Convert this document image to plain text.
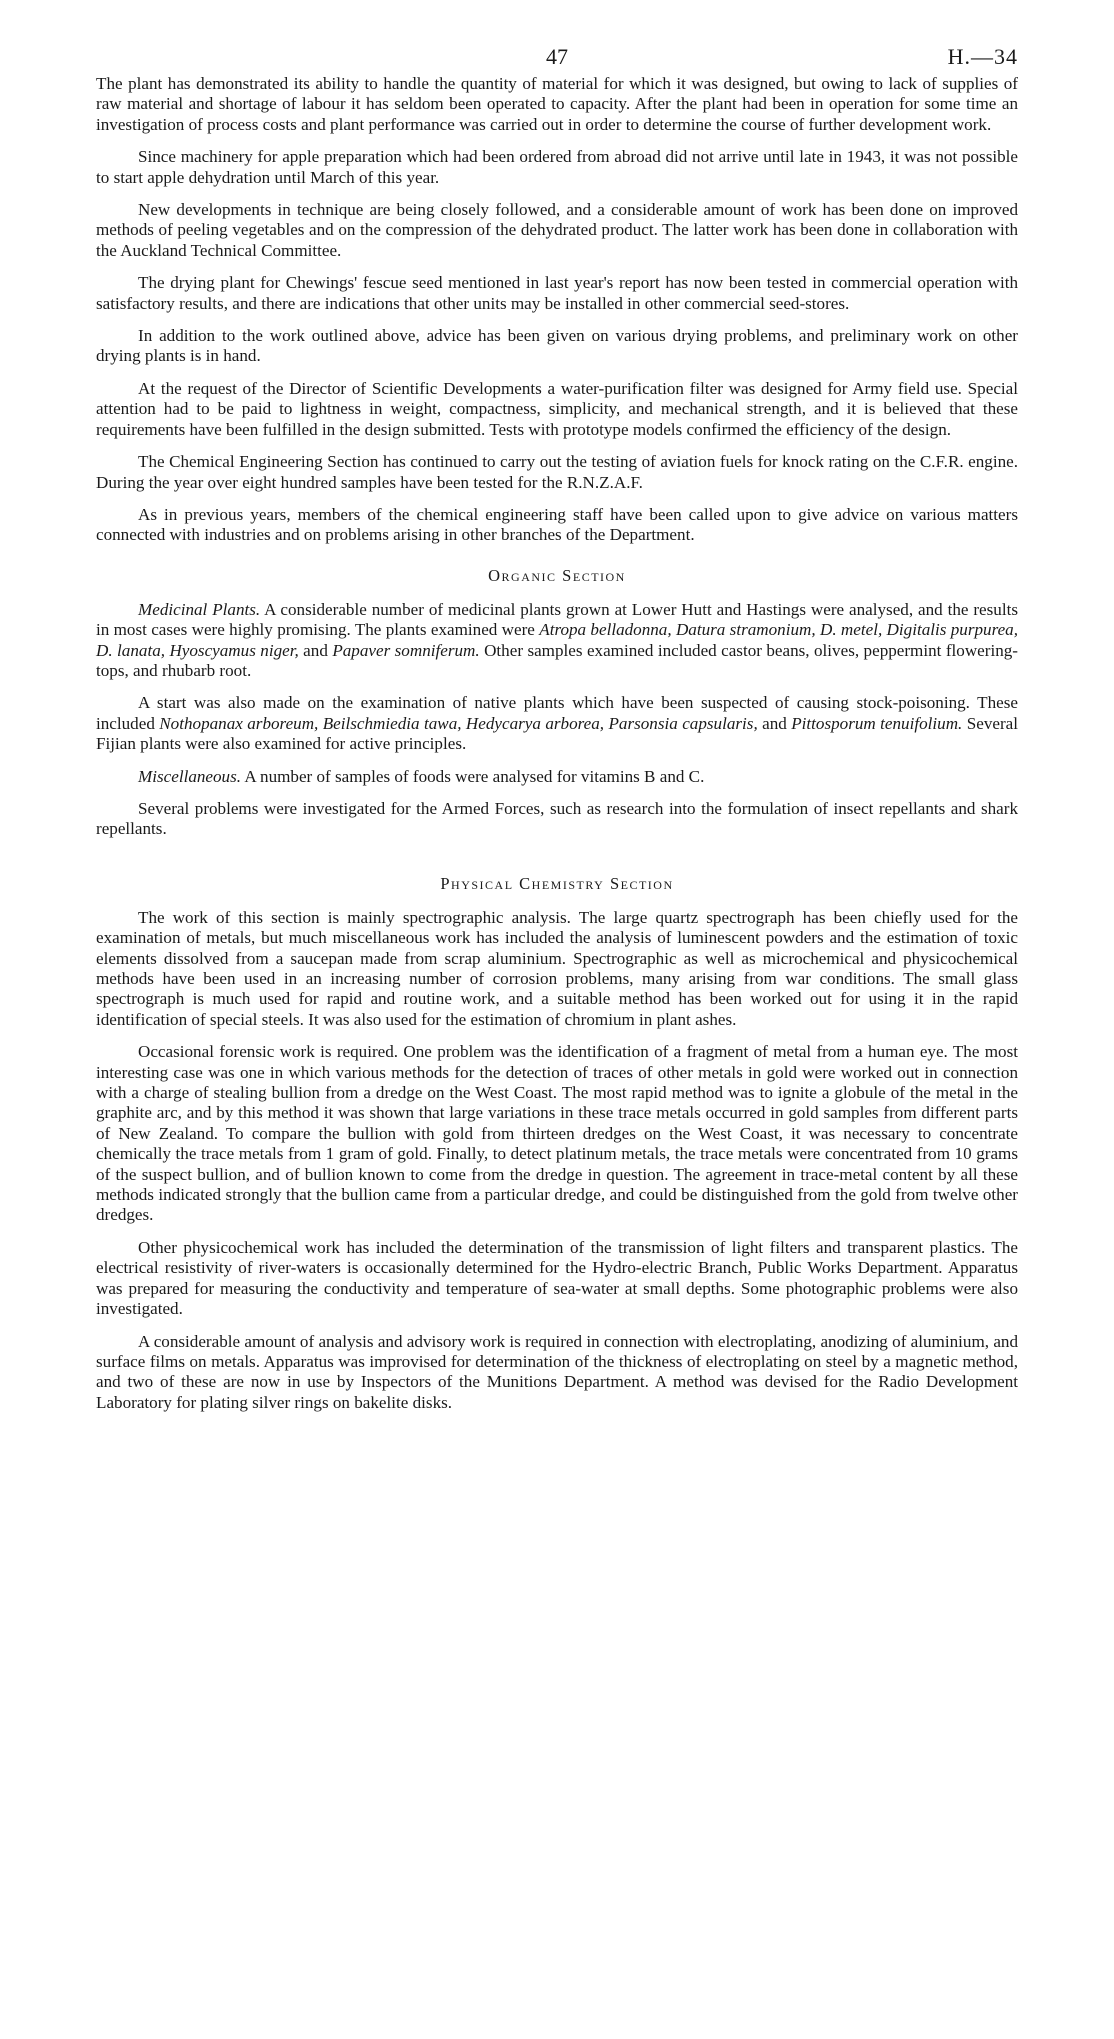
47	H.—34

The plant has demonstrated its ability to handle the quantity of material for which it was designed, but owing to lack of supplies of raw material and shortage of labour it has seldom been operated to capacity. After the plant had been in operation for some time an investigation of process costs and plant performance was carried out in order to determine the course of further development work.

Since machinery for apple preparation which had been ordered from abroad did not arrive until late in 1943, it was not possible to start apple dehydration until March of this year.

New developments in technique are being closely followed, and a considerable amount of work has been done on improved methods of peeling vegetables and on the compression of the dehydrated product. The latter work has been done in collaboration with the Auckland Technical Committee.

The drying plant for Chewings' fescue seed mentioned in last year's report has now been tested in commercial operation with satisfactory results, and there are indications that other units may be installed in other commercial seed-stores.

In addition to the work outlined above, advice has been given on various drying problems, and preliminary work on other drying plants is in hand.

At the request of the Director of Scientific Developments a water-purification filter was designed for Army field use. Special attention had to be paid to lightness in weight, compactness, simplicity, and mechanical strength, and it is believed that these requirements have been fulfilled in the design submitted. Tests with prototype models confirmed the efficiency of the design.

The Chemical Engineering Section has continued to carry out the testing of aviation fuels for knock rating on the C.F.R. engine. During the year over eight hundred samples have been tested for the R.N.Z.A.F.

As in previous years, members of the chemical engineering staff have been called upon to give advice on various matters connected with industries and on problems arising in other branches of the Department.

Organic Section

Medicinal Plants. A considerable number of medicinal plants grown at Lower Hutt and Hastings were analysed, and the results in most cases were highly promising. The plants examined were Atropa belladonna, Datura stramonium, D. metel, Digitalis purpurea, D. lanata, Hyoscyamus niger, and Papaver somniferum. Other samples examined included castor beans, olives, peppermint flowering-tops, and rhubarb root.

A start was also made on the examination of native plants which have been suspected of causing stock-poisoning. These included Nothopanax arboreum, Beilschmiedia tawa, Hedycarya arborea, Parsonsia capsularis, and Pittosporum tenuifolium. Several Fijian plants were also examined for active principles.

Miscellaneous. A number of samples of foods were analysed for vitamins B and C.

Several problems were investigated for the Armed Forces, such as research into the formulation of insect repellants and shark repellants.

Physical Chemistry Section

The work of this section is mainly spectrographic analysis. The large quartz spectrograph has been chiefly used for the examination of metals, but much miscellaneous work has included the analysis of luminescent powders and the estimation of toxic elements dissolved from a saucepan made from scrap aluminium. Spectrographic as well as microchemical and physicochemical methods have been used in an increasing number of corrosion problems, many arising from war conditions. The small glass spectrograph is much used for rapid and routine work, and a suitable method has been worked out for using it in the rapid identification of special steels. It was also used for the estimation of chromium in plant ashes.

Occasional forensic work is required. One problem was the identification of a fragment of metal from a human eye. The most interesting case was one in which various methods for the detection of traces of other metals in gold were worked out in connection with a charge of stealing bullion from a dredge on the West Coast. The most rapid method was to ignite a globule of the metal in the graphite arc, and by this method it was shown that large variations in these trace metals occurred in gold samples from different parts of New Zealand. To compare the bullion with gold from thirteen dredges on the West Coast, it was necessary to concentrate chemically the trace metals from 1 gram of gold. Finally, to detect platinum metals, the trace metals were concentrated from 10 grams of the suspect bullion, and of bullion known to come from the dredge in question. The agreement in trace-metal content by all these methods indicated strongly that the bullion came from a particular dredge, and could be distinguished from the gold from twelve other dredges.

Other physicochemical work has included the determination of the transmission of light filters and transparent plastics. The electrical resistivity of river-waters is occasionally determined for the Hydro-electric Branch, Public Works Department. Apparatus was prepared for measuring the conductivity and temperature of sea-water at small depths. Some photographic problems were also investigated.

A considerable amount of analysis and advisory work is required in connection with electroplating, anodizing of aluminium, and surface films on metals. Apparatus was improvised for determination of the thickness of electroplating on steel by a magnetic method, and two of these are now in use by Inspectors of the Munitions Department. A method was devised for the Radio Development Laboratory for plating silver rings on bakelite disks.
